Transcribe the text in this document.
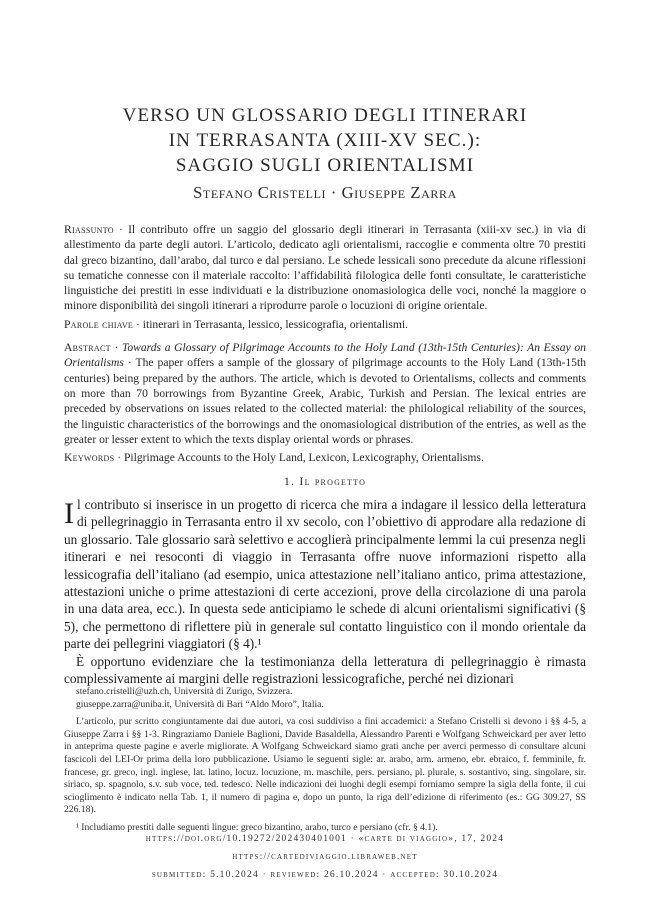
VERSO UN GLOSSARIO DEGLI ITINERARI
IN TERRASANTA (XIII-XV SEC.):
SAGGIO SUGLI ORIENTALISMI
Stefano Cristelli · Giuseppe Zarra

Riassunto · Il contributo offre un saggio del glossario degli itinerari in Terrasanta (xiii-xv sec.) in via di allestimento da parte degli autori. L’articolo, dedicato agli orientalismi, raccoglie e commenta oltre 70 prestiti dal greco bizantino, dall’arabo, dal turco e dal persiano. Le schede lessicali sono precedute da alcune riflessioni su tematiche connesse con il materiale raccolto: l’affidabilità filologica delle fonti consultate, le caratteristiche linguistiche dei prestiti in esse individuati e la distribuzione onomasiologica delle voci, nonché la maggiore o minore disponibilità dei singoli itinerari a riprodurre parole o locuzioni di origine orientale.

Parole chiave · itinerari in Terrasanta, lessico, lessicografia, orientalismi.

Abstract · Towards a Glossary of Pilgrimage Accounts to the Holy Land (13th-15th Centuries): An Essay on Orientalisms · The paper offers a sample of the glossary of pilgrimage accounts to the Holy Land (13th-15th centuries) being prepared by the authors. The article, which is devoted to Orientalisms, collects and comments on more than 70 borrowings from Byzantine Greek, Arabic, Turkish and Persian. The lexical entries are preceded by observations on issues related to the collected material: the philological reliability of the sources, the linguistic characteristics of the borrowings and the onomasiological distribution of the entries, as well as the greater or lesser extent to which the texts display oriental words or phrases.

Keywords · Pilgrimage Accounts to the Holy Land, Lexicon, Lexicography, Orientalisms.

1. Il progetto

Il contributo si inserisce in un progetto di ricerca che mira a indagare il lessico della letteratura di pellegrinaggio in Terrasanta entro il xv secolo, con l’obiettivo di approdare alla redazione di un glossario. Tale glossario sarà selettivo e accoglierà principalmente lemmi la cui presenza negli itinerari e nei resoconti di viaggio in Terrasanta offre nuove informazioni rispetto alla lessicografia dell’italiano (ad esempio, unica attestazione nell’italiano antico, prima attestazione, attestazioni uniche o prime attestazioni di certe accezioni, prove della circolazione di una parola in una data area, ecc.). In questa sede anticipiamo le schede di alcuni orientalismi significativi (§ 5), che permettono di riflettere più in generale sul contatto linguistico con il mondo orientale da parte dei pellegrini viaggiatori (§ 4).¹

È opportuno evidenziare che la testimonianza della letteratura di pellegrinaggio è rimasta complessivamente ai margini delle registrazioni lessicografiche, perché nei dizionari

stefano.cristelli@uzh.ch, Università di Zurigo, Svizzera.

giuseppe.zarra@uniba.it, Università di Bari “Aldo Moro”, Italia.

L’articolo, pur scritto congiuntamente dai due autori, va così suddiviso a fini accademici: a Stefano Cristelli si devono i §§ 4-5, a Giuseppe Zarra i §§ 1-3. Ringraziamo Daniele Baglioni, Davide Basaldella, Alessandro Parenti e Wolfgang Schweickard per aver letto in anteprima queste pagine e averle migliorate. A Wolfgang Schweickard siamo grati anche per averci permesso di consultare alcuni fascicoli del LEI-Or prima della loro pubblicazione. Usiamo le seguenti sigle: ar. arabo, arm. armeno, ebr. ebraico, f. femminile, fr. francese, gr. greco, ingl. inglese, lat. latino, locuz. locuzione, m. maschile, pers. persiano, pl. plurale, s. sostantivo, sing. singolare, sir. siriaco, sp. spagnolo, s.v. sub voce, ted. tedesco. Nelle indicazioni dei luoghi degli esempi forniamo sempre la sigla della fonte, il cui scioglimento è indicato nella Tab. 1, il numero di pagina e, dopo un punto, la riga dell’edizione di riferimento (es.: GG 309.27, SS 226.18).

¹ Includiamo prestiti dalle seguenti lingue: greco bizantino, arabo, turco e persiano (cfr. § 4.1).

https://doi.org/10.19272/202430401001 · «carte di viaggio», 17, 2024
https://cartediviaggio.libraweb.net
submitted: 5.10.2024 · reviewed: 26.10.2024 · accepted: 30.10.2024
